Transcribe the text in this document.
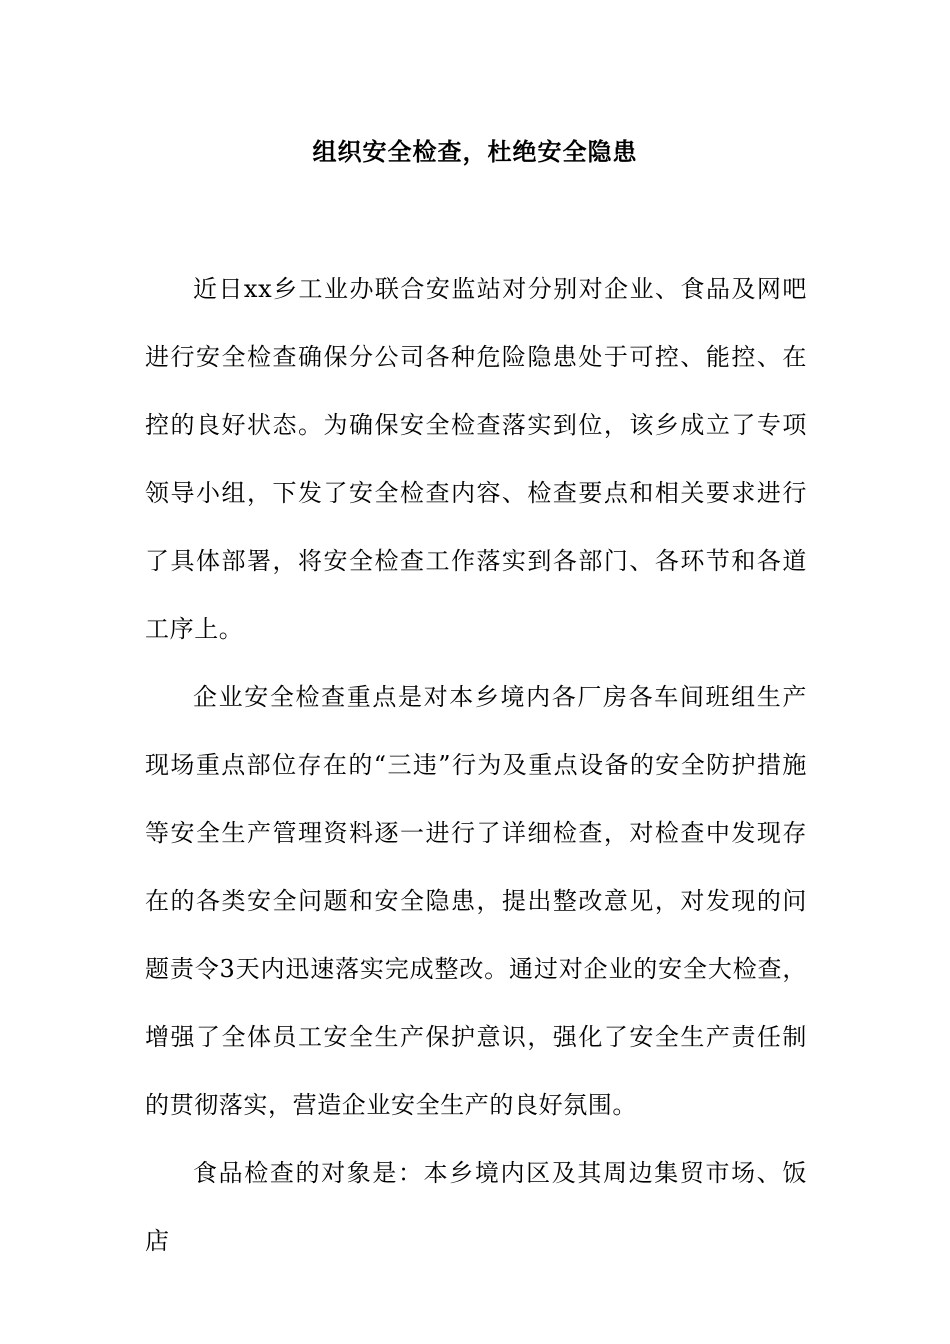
组织安全检查，杜绝安全隐患

近日xx乡工业办联合安监站对分别对企业、食品及网吧进行安全检查确保分公司各种危险隐患处于可控、能控、在控的良好状态。为确保安全检查落实到位，该乡成立了专项领导小组，下发了安全检查内容、检查要点和相关要求进行了具体部署，将安全检查工作落实到各部门、各环节和各道工序上。

企业安全检查重点是对本乡境内各厂房各车间班组生产现场重点部位存在的“三违”行为及重点设备的安全防护措施等安全生产管理资料逐一进行了详细检查，对检查中发现存在的各类安全问题和安全隐患，提出整改意见，对发现的问题责令3天内迅速落实完成整改。通过对企业的安全大检查，增强了全体员工安全生产保护意识，强化了安全生产责任制的贯彻落实，营造企业安全生产的良好氛围。

食品检查的对象是：本乡境内区及其周边集贸市场、饭店
